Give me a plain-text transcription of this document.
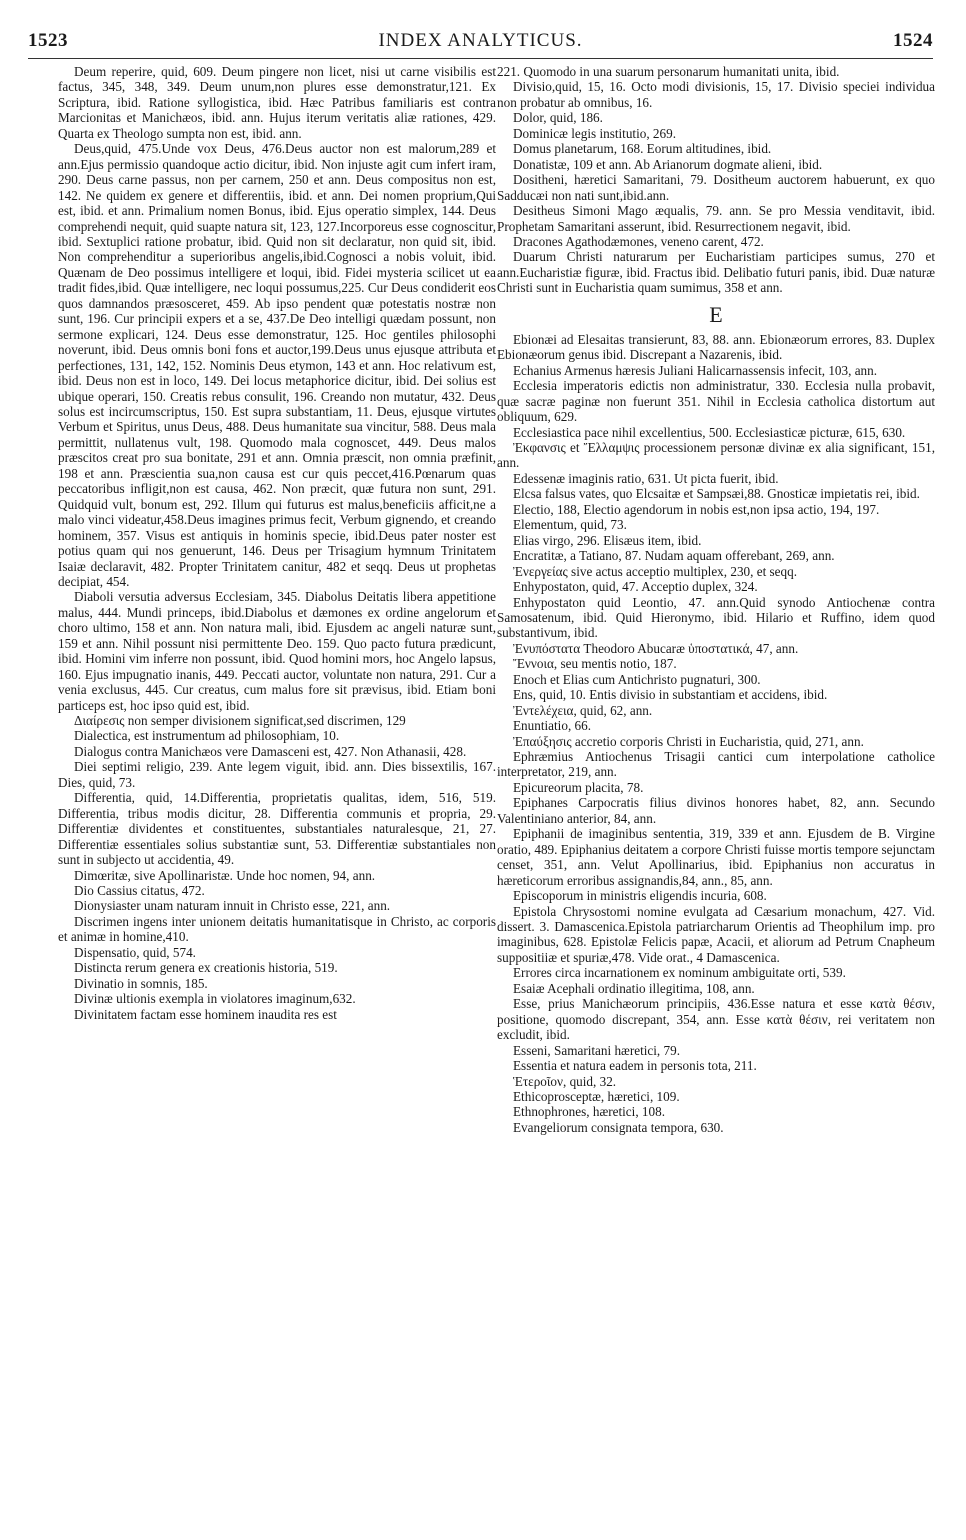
1523	INDEX ANALYTICUS.	1524

Deum reperire, quid, 609. Deum pingere non licet, nisi ut carne visibilis est factus, 345, 348, 349. Deum unum,non plures esse demonstratur,121. Ex Scriptura, ibid. Ratione syllogistica, ibid. Hæc Patribus familiaris est contra Marcionitas et Manichæos, ibid. ann. Hujus iterum veritatis aliæ rationes, 429. Quarta ex Theologo sumpta non est, ibid. ann.

Deus,quid, 475.Unde vox Deus, 476.Deus auctor non est malorum,289 et ann.Ejus permissio quandoque actio dicitur, ibid. Non injuste agit cum infert iram, 290. Deus carne passus, non per carnem, 250 et ann. Deus compositus non est, 142. Ne quidem ex genere et differentiis, ibid. et ann. Dei nomen proprium,Qui est, ibid. et ann. Primalium nomen Bonus, ibid. Ejus operatio simplex, 144. Deus comprehendi nequit, quid suapte natura sit, 123, 127.Incorporeus esse cognoscitur, ibid. Sextuplici ratione probatur, ibid. Quid non sit declaratur, non quid sit, ibid. Non comprehenditur a superioribus angelis,ibid.Cognosci a nobis voluit, ibid. Quænam de Deo possimus intelligere et loqui, ibid. Fidei mysteria scilicet ut ea tradit fides,ibid. Quæ intelligere, nec loqui possumus,225. Cur Deus condiderit eos quos damnandos præsosceret, 459. Ab ipso pendent quæ potestatis nostræ non sunt, 196. Cur principii expers et a se, 437.De Deo intelligi quædam possunt, non sermone explicari, 124. Deus esse demonstratur, 125. Hoc gentiles philosophi noverunt, ibid. Deus omnis boni fons et auctor,199.Deus unus ejusque attributa et perfectiones, 131, 142, 152. Nominis Deus etymon, 143 et ann. Hoc relativum est, ibid. Deus non est in loco, 149. Dei locus metaphorice dicitur, ibid. Dei solius est ubique operari, 150. Creatis rebus consulit, 196. Creando non mutatur, 432. Deus solus est incircumscriptus, 150. Est supra substantiam, 11. Deus, ejusque virtutes Verbum et Spiritus, unus Deus, 488. Deus humanitate sua vincitur, 588. Deus mala permittit, nullatenus vult, 198. Quomodo mala cognoscet, 449. Deus malos præscitos creat pro sua bonitate, 291 et ann. Omnia præscit, non omnia præfinit, 198 et ann. Præscientia sua,non causa est cur quis peccet,416.Pœnarum quas peccatoribus infligit,non est causa, 462. Non præcit, quæ futura non sunt, 291. Quidquid vult, bonum est, 292. Illum qui futurus est malus,beneficiis afficit,ne a malo vinci videatur,458.Deus imagines primus fecit, Verbum gignendo, et creando hominem, 357. Visus est antiquis in hominis specie, ibid.Deus pater noster est potius quam qui nos genuerunt, 146. Deus per Trisagium hymnum Trinitatem Isaiæ declaravit, 482. Propter Trinitatem canitur, 482 et seqq. Deus ut prophetas decipiat, 454.

Diaboli versutia adversus Ecclesiam, 345. Diabolus Deitatis libera appetitione malus, 444. Mundi princeps, ibid.Diabolus et dæmones ex ordine angelorum et choro ultimo, 158 et ann. Non natura mali, ibid. Ejusdem ac angeli naturæ sunt, 159 et ann. Nihil possunt nisi permittente Deo. 159. Quo pacto futura prædicunt, ibid. Homini vim inferre non possunt, ibid. Quod homini mors, hoc Angelo lapsus, 160. Ejus impugnatio inanis, 449. Peccati auctor, voluntate non natura, 291. Cur a venia exclusus, 445. Cur creatus, cum malus fore sit prævisus, ibid. Etiam boni particeps est, hoc ipso quid est, ibid.

Διαίρεσις non semper divisionem significat,sed discrimen, 129

Dialectica, est instrumentum ad philosophiam, 10.

Dialogus contra Manichæos vere Damasceni est, 427. Non Athanasii, 428.

Diei septimi religio, 239. Ante legem viguit, ibid. ann. Dies bissextilis, 167. Dies, quid, 73.

Differentia, quid, 14.Differentia, proprietatis qualitas, idem, 516, 519. Differentia, tribus modis dicitur, 28. Differentia communis et propria, 29. Differentiæ dividentes et constituentes, substantiales naturalesque, 21, 27. Differentiæ essentiales solius substantiæ sunt, 53. Differentiæ substantiales non sunt in subjecto ut accidentia, 49.

Dimœritæ, sive Apollinaristæ. Unde hoc nomen, 94, ann.

Dio Cassius citatus, 472.

Dionysiaster unam naturam innuit in Christo esse, 221, ann.

Discrimen ingens inter unionem deitatis humanitatisque in Christo, ac corporis et animæ in homine,410.

Dispensatio, quid, 574.

Distincta rerum genera ex creationis historia, 519.

Divinatio in somnis, 185.

Divinæ ultionis exempla in violatores imaginum,632.

Divinitatem factam esse hominem inaudita res est

221. Quomodo in una suarum personarum humanitati unita, ibid.

Divisio,quid, 15, 16. Octo modi divisionis, 15, 17. Divisio speciei individua non probatur ab omnibus, 16.

Dolor, quid, 186.

Dominicæ legis institutio, 269.

Domus planetarum, 168. Eorum altitudines, ibid.

Donatistæ, 109 et ann. Ab Arianorum dogmate alieni, ibid.

Dositheni, hæretici Samaritani, 79. Dositheum auctorem habuerunt, ex quo Sadducæi non nati sunt,ibid.ann.

Desitheus Simoni Mago æqualis, 79. ann. Se pro Messia venditavit, ibid. Prophetam Samaritani asserunt, ibid. Resurrectionem negavit, ibid.

Dracones Agathodæmones, veneno carent, 472.

Duarum Christi naturarum per Eucharistiam participes sumus, 270 et ann.Eucharistiæ figuræ, ibid. Fractus ibid. Delibatio futuri panis, ibid. Duæ naturæ Christi sunt in Eucharistia quam sumimus, 358 et ann.

E

Ebionæi ad Elesaitas transierunt, 83, 88. ann. Ebionæorum errores, 83. Duplex Ebionæorum genus ibid. Discrepant a Nazarenis, ibid.

Echanius Armenus hæresis Juliani Halicarnassensis infecit, 103, ann.

Ecclesia imperatoris edictis non administratur, 330. Ecclesia nulla probavit, quæ sacræ paginæ non fuerunt 351. Nihil in Ecclesia catholica distortum aut obliquum, 629.

Ecclesiastica pace nihil excellentius, 500. Ecclesiasticæ picturæ, 615, 630.

Ἐκφανσις et Ἔλλαμψις processionem personæ divinæ ex alia significant, 151, ann.

Edessenæ imaginis ratio, 631. Ut picta fuerit, ibid.

Elcsa falsus vates, quo Elcsaitæ et Sampsæi,88. Gnosticæ impietatis rei, ibid.

Electio, 188, Electio agendorum in nobis est,non ipsa actio, 194, 197.

Elementum, quid, 73.

Elias virgo, 296. Elisæus item, ibid.

Encratitæ, a Tatiano, 87. Nudam aquam offerebant, 269, ann.

Ἐνεργείας sive actus acceptio multiplex, 230, et seqq.

Enhypostaton, quid, 47. Acceptio duplex, 324.

Enhypostaton quid Leontio, 47. ann.Quid synodo Antiochenæ contra Samosatenum, ibid. Quid Hieronymo, ibid. Hilario et Ruffino, idem quod substantivum, ibid.

Ἐνυπόστατα Theodoro Abucaræ ὑποστατικά, 47, ann.

Ἔννοια, seu mentis notio, 187.

Enoch et Elias cum Antichristo pugnaturi, 300.

Ens, quid, 10. Entis divisio in substantiam et accidens, ibid.

Ἐντελέχεια, quid, 62, ann.

Enuntiatio, 66.

Ἐπαύξησις accretio corporis Christi in Eucharistia, quid, 271, ann.

Ephræmius Antiochenus Trisagii cantici cum interpolatione catholice interpretator, 219, ann.

Epicureorum placita, 78.

Epiphanes Carpocratis filius divinos honores habet, 82, ann. Secundo Valentiniano anterior, 84, ann.

Epiphanii de imaginibus sententia, 319, 339 et ann. Ejusdem de B. Virgine oratio, 489. Epiphanius deitatem a corpore Christi fuisse mortis tempore sejunctam censet, 351, ann. Velut Apollinarius, ibid. Epiphanius non accuratus in hæreticorum erroribus assignandis,84, ann., 85, ann.

Episcoporum in ministris eligendis incuria, 608.

Epistola Chrysostomi nomine evulgata ad Cæsarium monachum, 427. Vid. dissert. 3. Damascenica.Epistola patriarcharum Orientis ad Theophilum imp. pro imaginibus, 628. Epistolæ Felicis papæ, Acacii, et aliorum ad Petrum Cnapheum suppositiiæ et spuriæ,478. Vide orat., 4 Damascenica.

Errores circa incarnationem ex nominum ambiguitate orti, 539.

Esaiæ Acephali ordinatio illegitima, 108, ann.

Esse, prius Manichæorum principiis, 436.Esse natura et esse κατὰ θέσιν, positione, quomodo discrepant, 354, ann. Esse κατὰ θέσιν, rei veritatem non excludit, ibid.

Esseni, Samaritani hæretici, 79.

Essentia et natura eadem in personis tota, 211.

Ἑτεροῖον, quid, 32.

Ethicoprosceptæ, hæretici, 109.

Ethnophrones, hæretici, 108.

Evangeliorum consignata tempora, 630.
